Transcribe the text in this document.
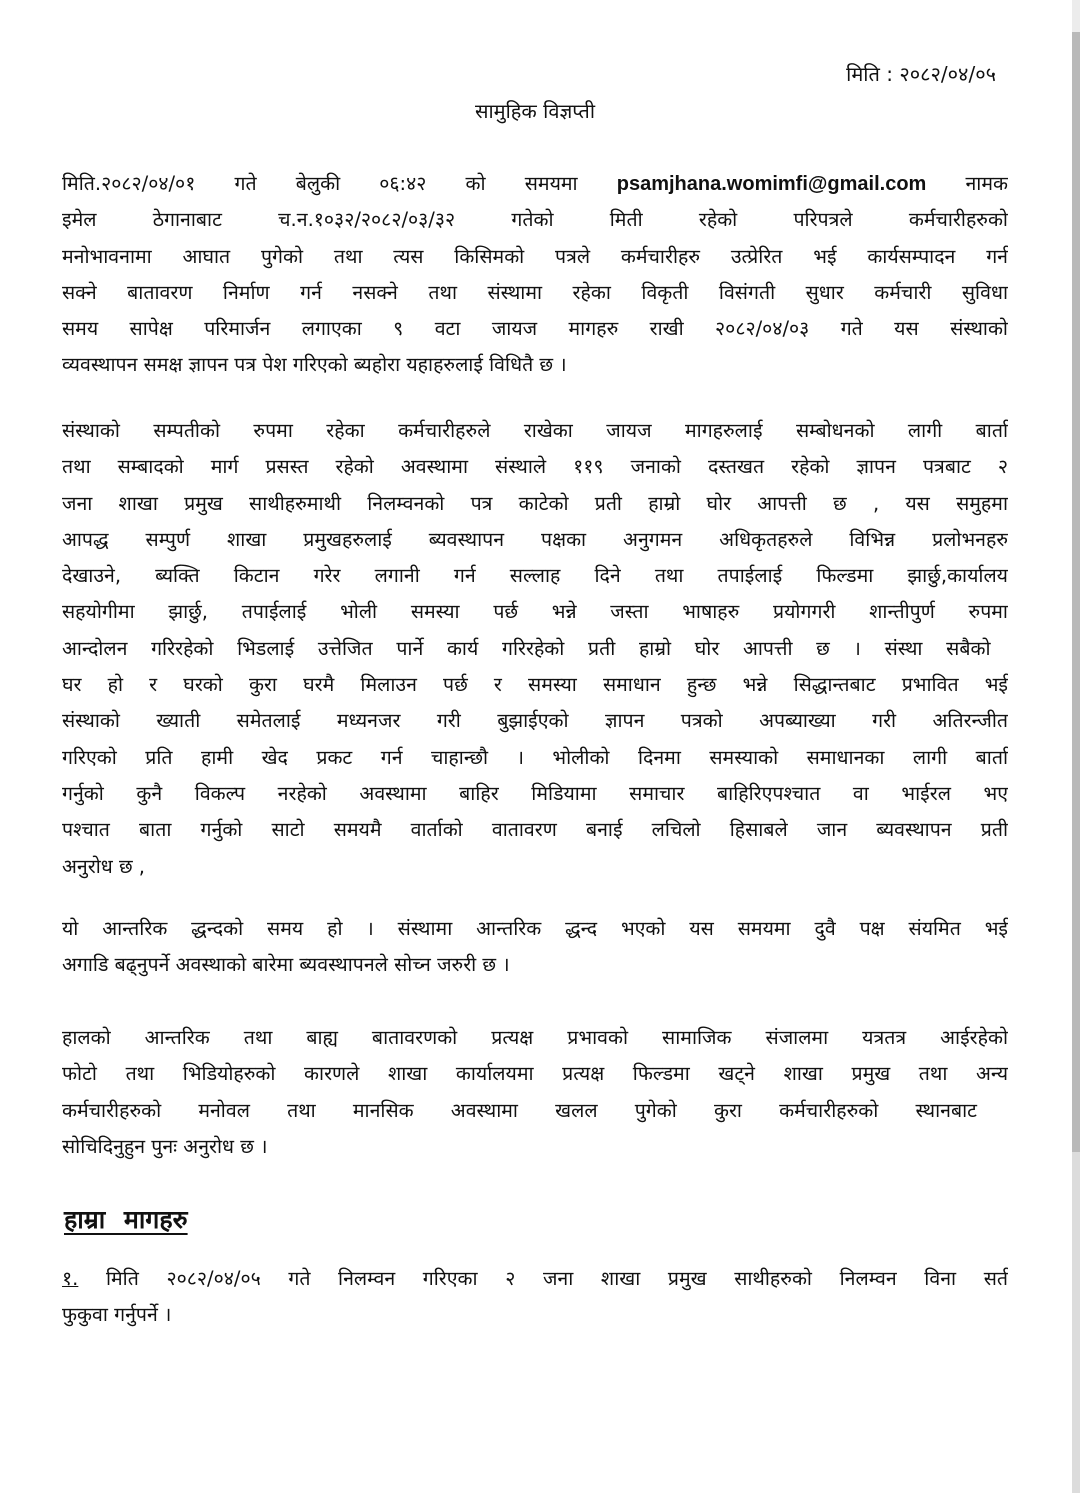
मिति : २०८२/०४/०५
सामुहिक विज्ञप्ती
मिति.२०८२/०४/०१ गते बेलुकी ०६:४२ को समयमा psamjhana.womimfi@gmail.com नामक
इमेल ठेगानाबाट च.न.१०३२/२०८२/०३/३२ गतेको मिती रहेको परिपत्रले कर्मचारीहरुको
मनोभावनामा आघात पुगेको तथा त्यस किसिमको पत्रले कर्मचारीहरु उत्प्रेरित भई कार्यसम्पादन गर्न
सक्ने बातावरण निर्माण गर्न नसक्ने तथा संस्थामा रहेका विकृती विसंगती सुधार कर्मचारी सुविधा
समय सापेक्ष परिमार्जन लगाएका ९ वटा जायज मागहरु राखी २०८२/०४/०३ गते यस संस्थाको
व्यवस्थापन समक्ष ज्ञापन पत्र पेश गरिएको ब्यहोरा यहाहरुलाई विधितै छ ।
संस्थाको सम्पतीको रुपमा रहेका कर्मचारीहरुले राखेका जायज मागहरुलाई सम्बोधनको लागी बार्ता
तथा सम्बादको मार्ग प्रसस्त रहेको अवस्थामा संस्थाले ११९ जनाको दस्तखत रहेको ज्ञापन पत्रबाट २
जना शाखा प्रमुख साथीहरुमाथी निलम्वनको पत्र काटेको प्रती हाम्रो घोर आपत्ती छ , यस समुहमा
आपद्ध सम्पुर्ण शाखा प्रमुखहरुलाई ब्यवस्थापन पक्षका अनुगमन अधिकृतहरुले विभिन्न प्रलोभनहरु
देखाउने, ब्यक्ति किटान गरेर लगानी गर्न सल्लाह दिने तथा तपाईलाई फिल्डमा झार्छु,कार्यालय
सहयोगीमा झार्छु, तपाईलाई भोली समस्या पर्छ भन्ने जस्ता भाषाहरु प्रयोगगरी शान्तीपुर्ण रुपमा
आन्दोलन गरिरहेको भिडलाई उत्तेजित पार्ने कार्य गरिरहेको प्रती हाम्रो घोर आपत्ती छ । संस्था सबैको
घर हो र घरको कुरा घरमै मिलाउन पर्छ र समस्या समाधान हुन्छ भन्ने सिद्धान्तबाट प्रभावित भई
संस्थाको ख्याती समेतलाई मध्यनजर गरी बुझाईएको ज्ञापन पत्रको अपब्याख्या गरी अतिरन्जीत
गरिएको प्रति हामी खेद प्रकट गर्न चाहान्छौ । भोलीको दिनमा समस्याको समाधानका लागी बार्ता
गर्नुको कुनै विकल्प नरहेको अवस्थामा बाहिर मिडियामा समाचार बाहिरिएपश्चात वा भाईरल भए
पश्चात बाता गर्नुको साटो समयमै वार्ताको वातावरण बनाई लचिलो हिसाबले जान ब्यवस्थापन प्रती
अनुरोध छ ,
यो आन्तरिक द्धन्दको समय हो । संस्थामा आन्तरिक द्धन्द भएको यस समयमा दुवै पक्ष संयमित भई
अगाडि बढ्नुपर्ने अवस्थाको बारेमा ब्यवस्थापनले सोच्न जरुरी छ ।
हालको आन्तरिक तथा बाह्य बातावरणको प्रत्यक्ष प्रभावको सामाजिक संजालमा यत्रतत्र आईरहेको
फोटो तथा भिडियोहरुको कारणले शाखा कार्यालयमा प्रत्यक्ष फिल्डमा खट्ने शाखा प्रमुख तथा अन्य
कर्मचारीहरुको मनोवल तथा मानसिक अवस्थामा खलल पुगेको कुरा कर्मचारीहरुको स्थानबाट
सोचिदिनुहुन पुनः अनुरोध छ ।
हाम्रा मागहरु
१. मिति २०८२/०४/०५ गते निलम्वन गरिएका २ जना शाखा प्रमुख साथीहरुको निलम्वन विना सर्त
फुकुवा गर्नुपर्ने ।
